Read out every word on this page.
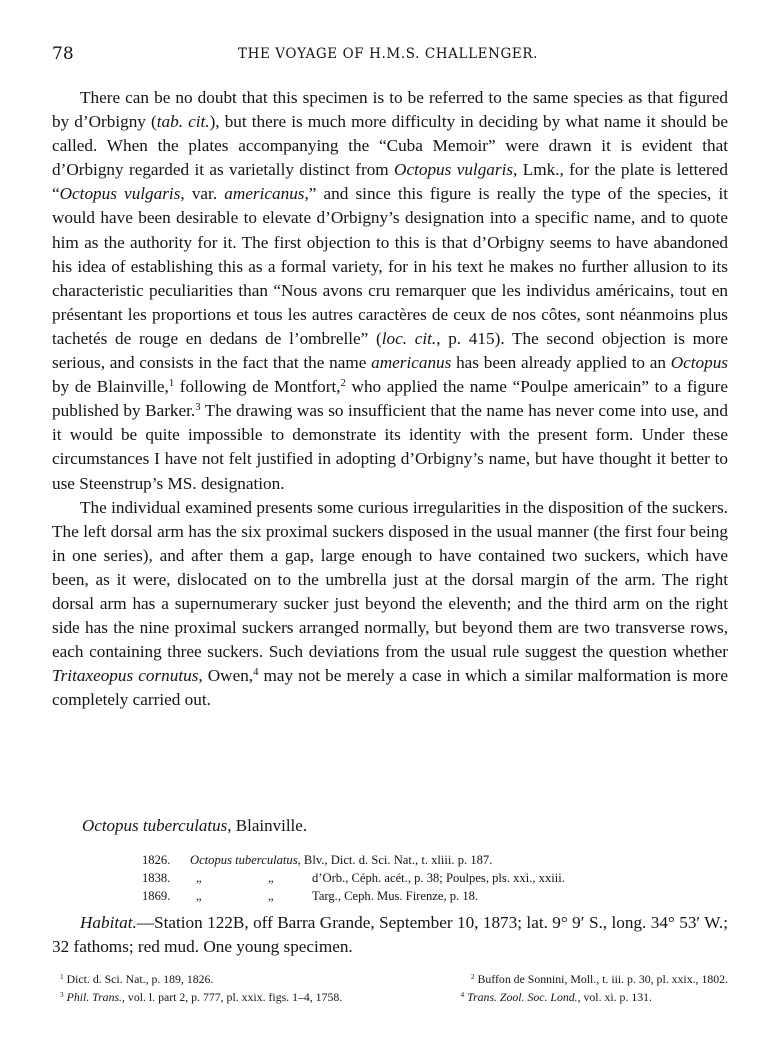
78	THE VOYAGE OF H.M.S. CHALLENGER.

There can be no doubt that this specimen is to be referred to the same species as that figured by d’Orbigny (tab. cit.), but there is much more difficulty in deciding by what name it should be called. When the plates accompanying the “Cuba Memoir” were drawn it is evident that d’Orbigny regarded it as varietally distinct from Octopus vulgaris, Lmk., for the plate is lettered “Octopus vulgaris, var. americanus,” and since this figure is really the type of the species, it would have been desirable to elevate d’Orbigny’s designation into a specific name, and to quote him as the authority for it. The first objection to this is that d’Orbigny seems to have abandoned his idea of establishing this as a formal variety, for in his text he makes no further allusion to its characteristic peculiarities than “Nous avons cru remarquer que les individus américains, tout en présentant les proportions et tous les autres caractères de ceux de nos côtes, sont néanmoins plus tachetés de rouge en dedans de l’ombrelle” (loc. cit., p. 415). The second objection is more serious, and consists in the fact that the name americanus has been already applied to an Octopus by de Blainville,$^1$ following de Montfort,$^2$ who applied the name “Poulpe americain” to a figure published by Barker.$^3$ The drawing was so insufficient that the name has never come into use, and it would be quite impossible to demonstrate its identity with the present form. Under these circumstances I have not felt justified in adopting d’Orbigny’s name, but have thought it better to use Steenstrup’s MS. designation.

The individual examined presents some curious irregularities in the disposition of the suckers. The left dorsal arm has the six proximal suckers disposed in the usual manner (the first four being in one series), and after them a gap, large enough to have contained two suckers, which have been, as it were, dislocated on to the umbrella just at the dorsal margin of the arm. The right dorsal arm has a supernumerary sucker just beyond the eleventh; and the third arm on the right side has the nine proximal suckers arranged normally, but beyond them are two transverse rows, each containing three suckers. Such deviations from the usual rule suggest the question whether Tritaxeopus cornutus, Owen,$^4$ may not be merely a case in which a similar malformation is more completely carried out.

Octopus tuberculatus, Blainville.
1826.	Octopus tuberculatus, Blv., Dict. d. Sci. Nat., t. xliii. p. 187.
1838.	„	„	d’Orb., Céph. acét., p. 38; Poulpes, pls. xxi., xxiii.
1869.	„	„	Targ., Ceph. Mus. Firenze, p. 18.

Habitat.—Station 122B, off Barra Grande, September 10, 1873; lat. 9° 9′ S., long. 34° 53′ W.; 32 fathoms; red mud. One young specimen.

$^1$ Dict. d. Sci. Nat., p. 189, 1826.	$^2$ Buffon de Sonnini, Moll., t. iii. p. 30, pl. xxix., 1802.
$^3$ Phil. Trans., vol. l. part 2, p. 777, pl. xxix. figs. 1–4, 1758.	$^4$ Trans. Zool. Soc. Lond., vol. xi. p. 131.
